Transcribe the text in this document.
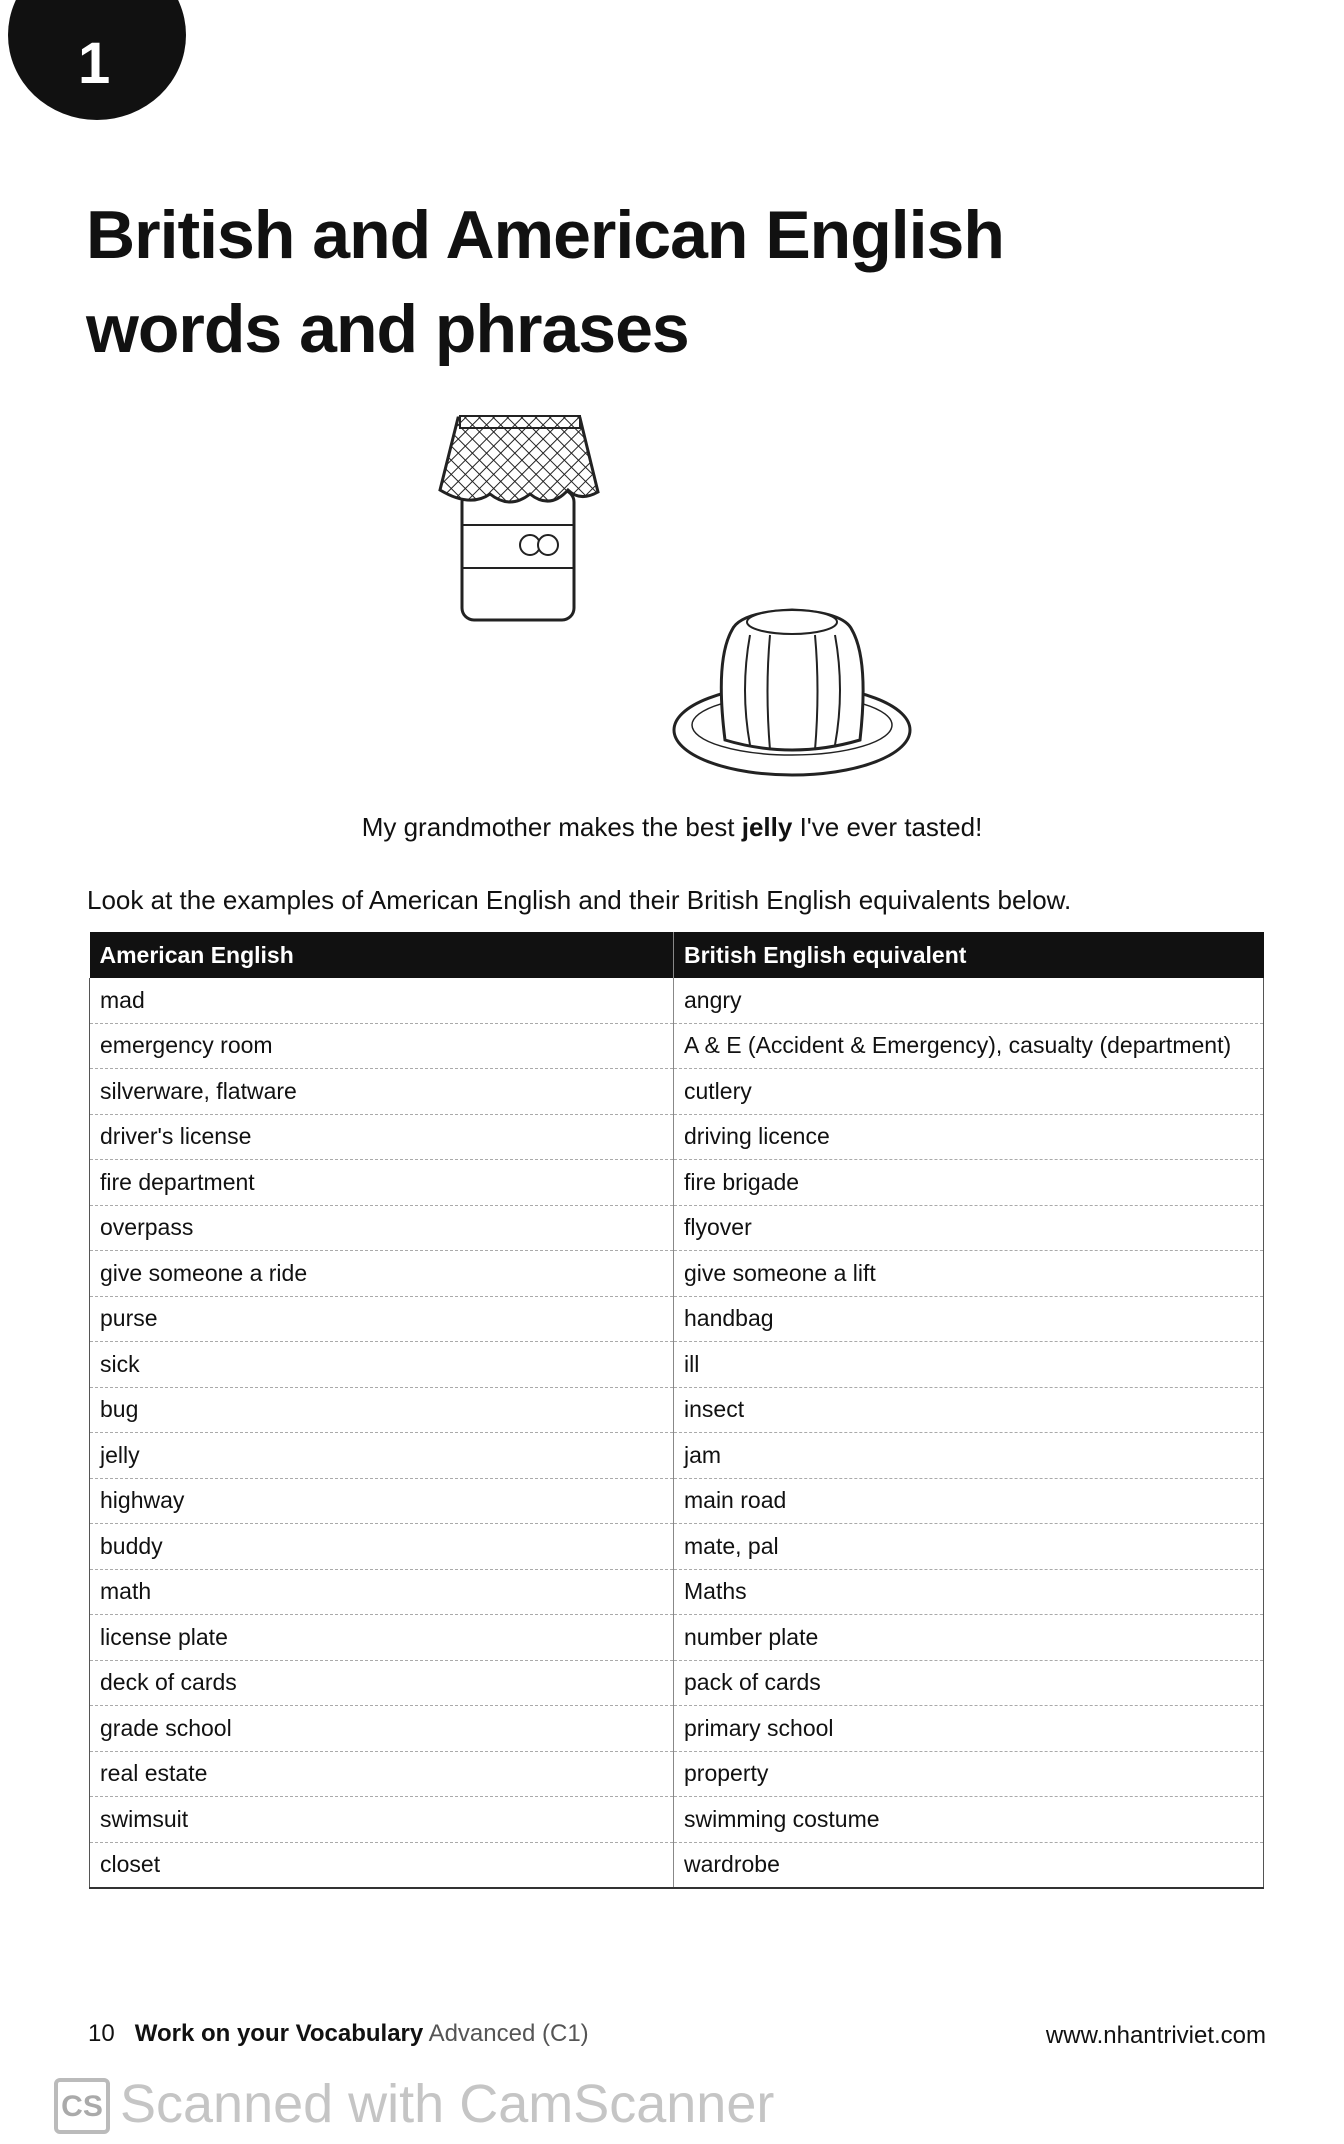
1
British and American English
words and phrases
My grandmother makes the best jelly I've ever tasted!
Look at the examples of American English and their British English equivalents below.
American English	British English equivalent
mad	angry
emergency room	A & E (Accident & Emergency), casualty (department)
silverware, flatware	cutlery
driver's license	driving licence
fire department	fire brigade
overpass	flyover
give someone a ride	give someone a lift
purse	handbag
sick	ill
bug	insect
jelly	jam
highway	main road
buddy	mate, pal
math	Maths
license plate	number plate
deck of cards	pack of cards
grade school	primary school
real estate	property
swimsuit	swimming costume
closet	wardrobe
10 Work on your Vocabulary Advanced (C1)	www.nhantriviet.com
CS Scanned with CamScanner
